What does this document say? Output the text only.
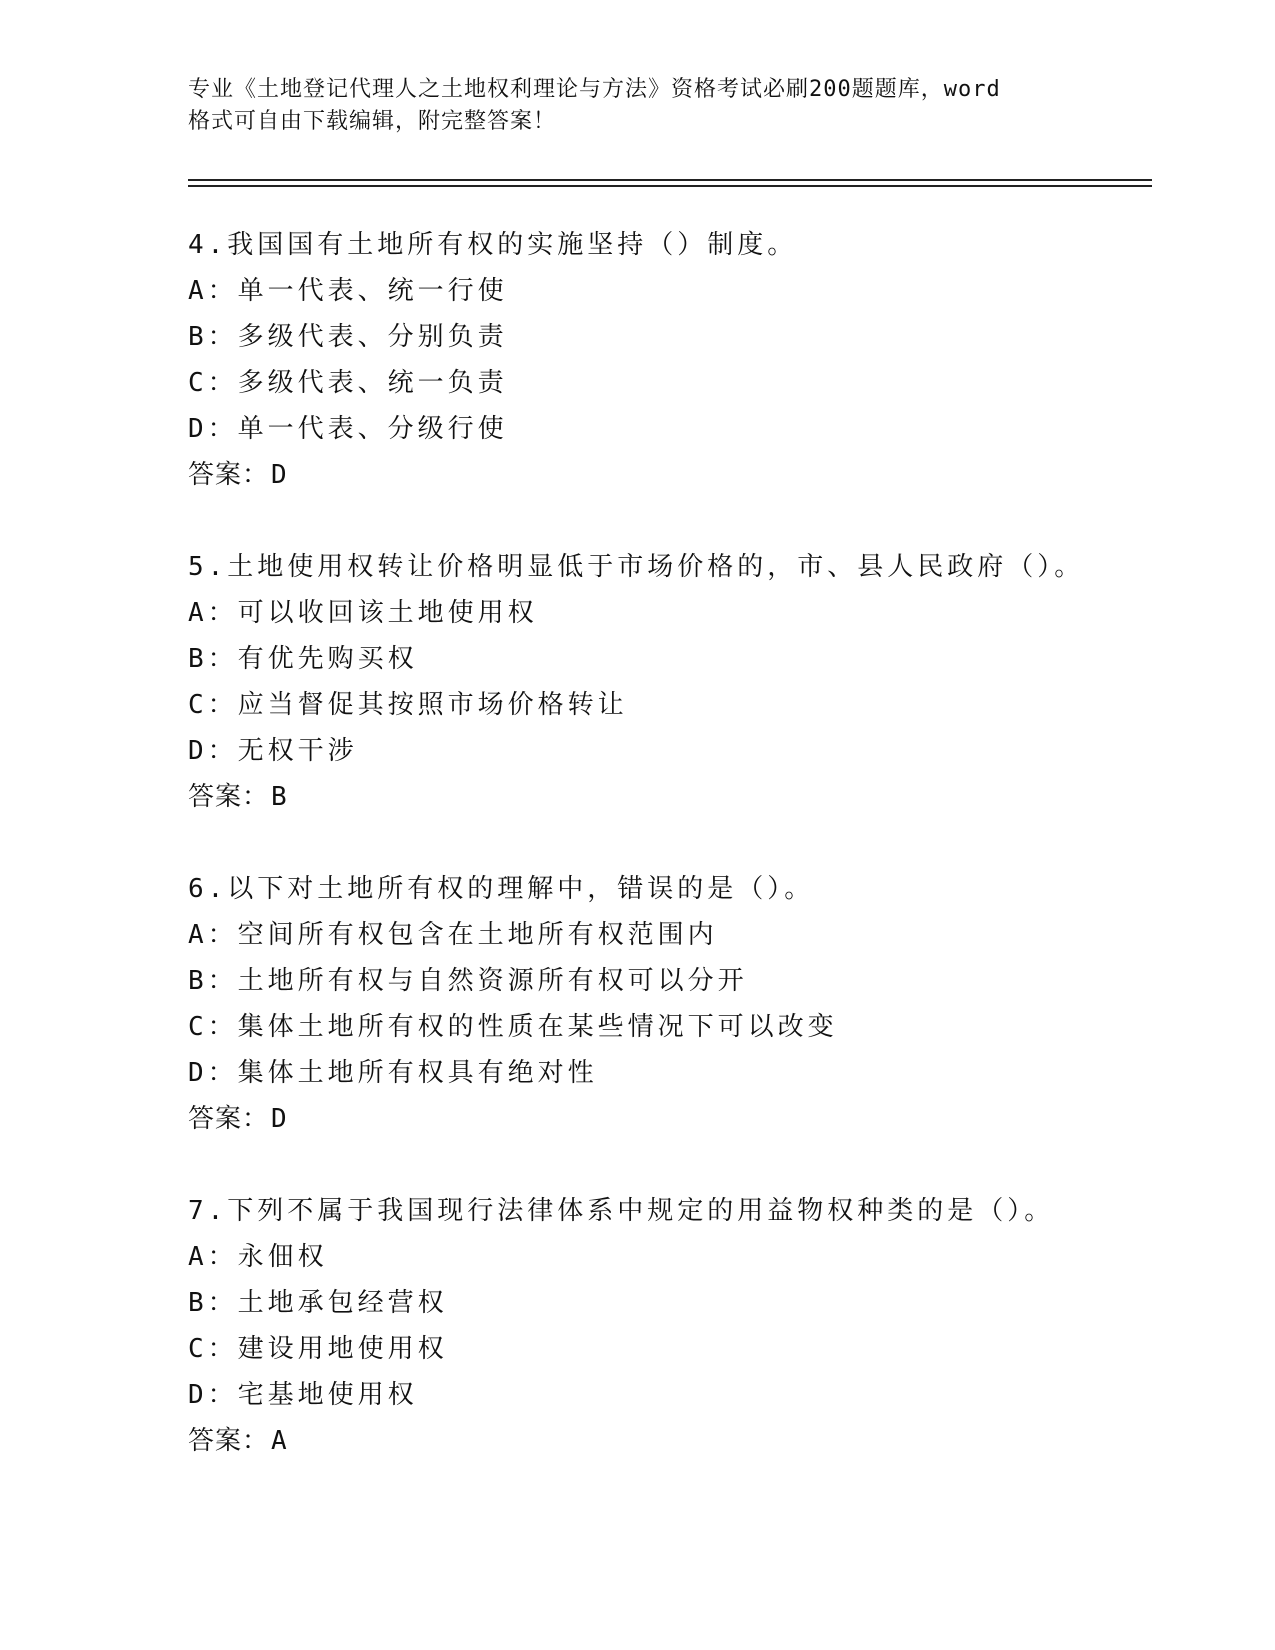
专业《土地登记代理人之土地权利理论与方法》资格考试必刷200题题库，word
格式可自由下载编辑，附完整答案！
4.我国国有土地所有权的实施坚持（）制度。
A：单一代表、统一行使
B：多级代表、分别负责
C：多级代表、统一负责
D：单一代表、分级行使
答案：D
5.土地使用权转让价格明显低于市场价格的，市、县人民政府（）。
A：可以收回该土地使用权
B：有优先购买权
C：应当督促其按照市场价格转让
D：无权干涉
答案：B
6.以下对土地所有权的理解中，错误的是（）。
A：空间所有权包含在土地所有权范围内
B：土地所有权与自然资源所有权可以分开
C：集体土地所有权的性质在某些情况下可以改变
D：集体土地所有权具有绝对性
答案：D
7.下列不属于我国现行法律体系中规定的用益物权种类的是（）。
A：永佃权
B：土地承包经营权
C：建设用地使用权
D：宅基地使用权
答案：A
